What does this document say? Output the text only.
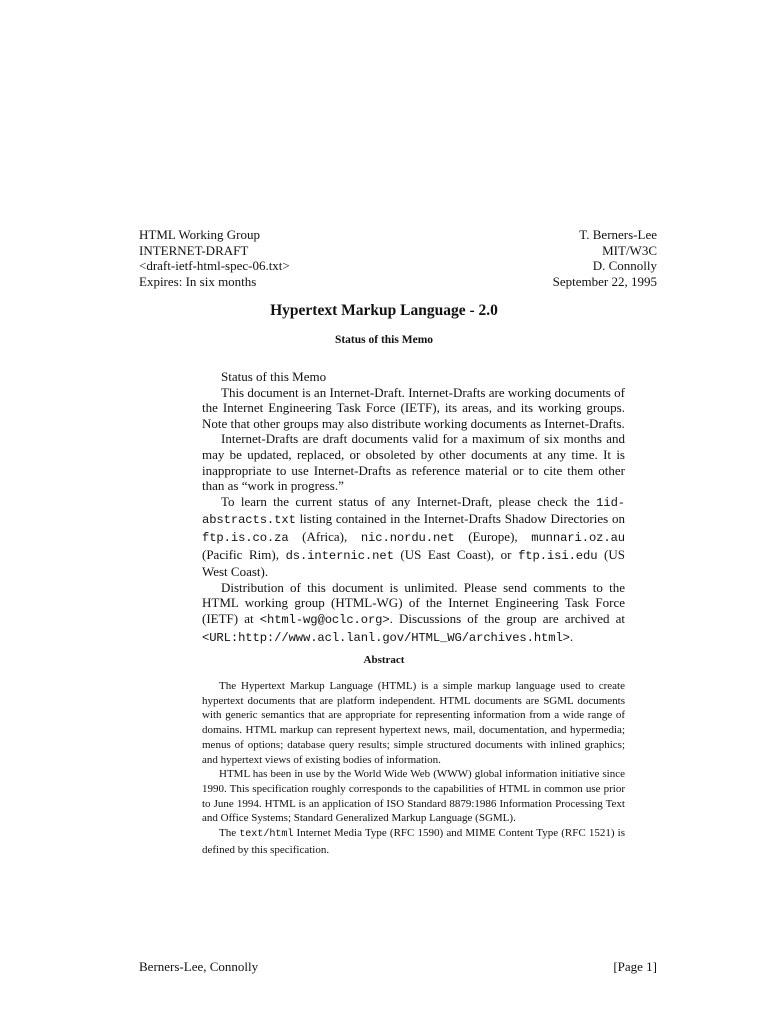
HTML Working Group
INTERNET-DRAFT
<draft-ietf-html-spec-06.txt>
Expires: In six months
T. Berners-Lee
MIT/W3C
D. Connolly
September 22, 1995
Hypertext Markup Language - 2.0
Status of this Memo

Status of this Memo

This document is an Internet-Draft. Internet-Drafts are working documents of the Internet Engineering Task Force (IETF), its areas, and its working groups. Note that other groups may also distribute working documents as Internet-Drafts.

Internet-Drafts are draft documents valid for a maximum of six months and may be updated, replaced, or obsoleted by other documents at any time. It is inappropriate to use Internet-Drafts as reference material or to cite them other than as “work in progress.”

To learn the current status of any Internet-Draft, please check the 1id-abstracts.txt listing contained in the Internet-Drafts Shadow Directories on ftp.is.co.za (Africa), nic.nordu.net (Europe), munnari.oz.au (Pacific Rim), ds.internic.net (US East Coast), or ftp.isi.edu (US West Coast).

Distribution of this document is unlimited. Please send comments to the HTML working group (HTML-WG) of the Internet Engineering Task Force (IETF) at <html-wg@oclc.org>. Discussions of the group are archived at <URL:http://www.acl.lanl.gov/HTML_WG/archives.html>.

Abstract

The Hypertext Markup Language (HTML) is a simple markup language used to create hypertext documents that are platform independent. HTML documents are SGML documents with generic semantics that are appropriate for representing information from a wide range of domains. HTML markup can represent hypertext news, mail, documentation, and hypermedia; menus of options; database query results; simple structured documents with inlined graphics; and hypertext views of existing bodies of information.

HTML has been in use by the World Wide Web (WWW) global information initiative since 1990. This specification roughly corresponds to the capabilities of HTML in common use prior to June 1994. HTML is an application of ISO Standard 8879:1986 Information Processing Text and Office Systems; Standard Generalized Markup Language (SGML).

The text/html Internet Media Type (RFC 1590) and MIME Content Type (RFC 1521) is defined by this specification.

Berners-Lee, Connolly	[Page 1]
